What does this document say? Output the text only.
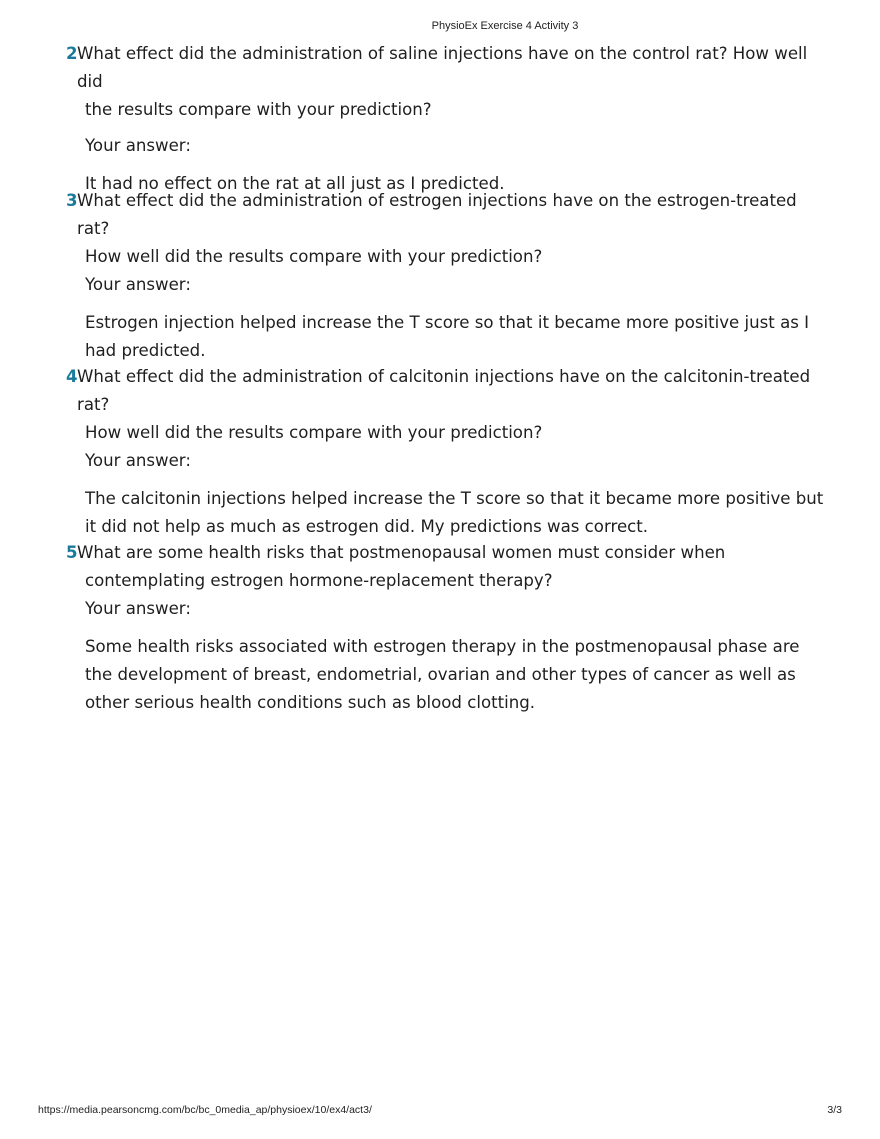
PhysioEx Exercise 4 Activity 3

2 What effect did the administration of saline injections have on the control rat? How well did
the results compare with your prediction?

Your answer:

It had no effect on the rat at all just as I predicted.

3 What effect did the administration of estrogen injections have on the estrogen-treated rat?
How well did the results compare with your prediction?

Your answer:

Estrogen injection helped increase the T score so that it became more positive just as I had predicted.

4 What effect did the administration of calcitonin injections have on the calcitonin-treated rat?
How well did the results compare with your prediction?

Your answer:

The calcitonin injections helped increase the T score so that it became more positive but it did not help as much as estrogen did. My predictions was correct.

5 What are some health risks that postmenopausal women must consider when
contemplating estrogen hormone-replacement therapy?

Your answer:

Some health risks associated with estrogen therapy in the postmenopausal phase are the development of breast, endometrial, ovarian and other types of cancer as well as other serious health conditions such as blood clotting.

https://media.pearsoncmg.com/bc/bc_0media_ap/physioex/10/ex4/act3/	3/3
